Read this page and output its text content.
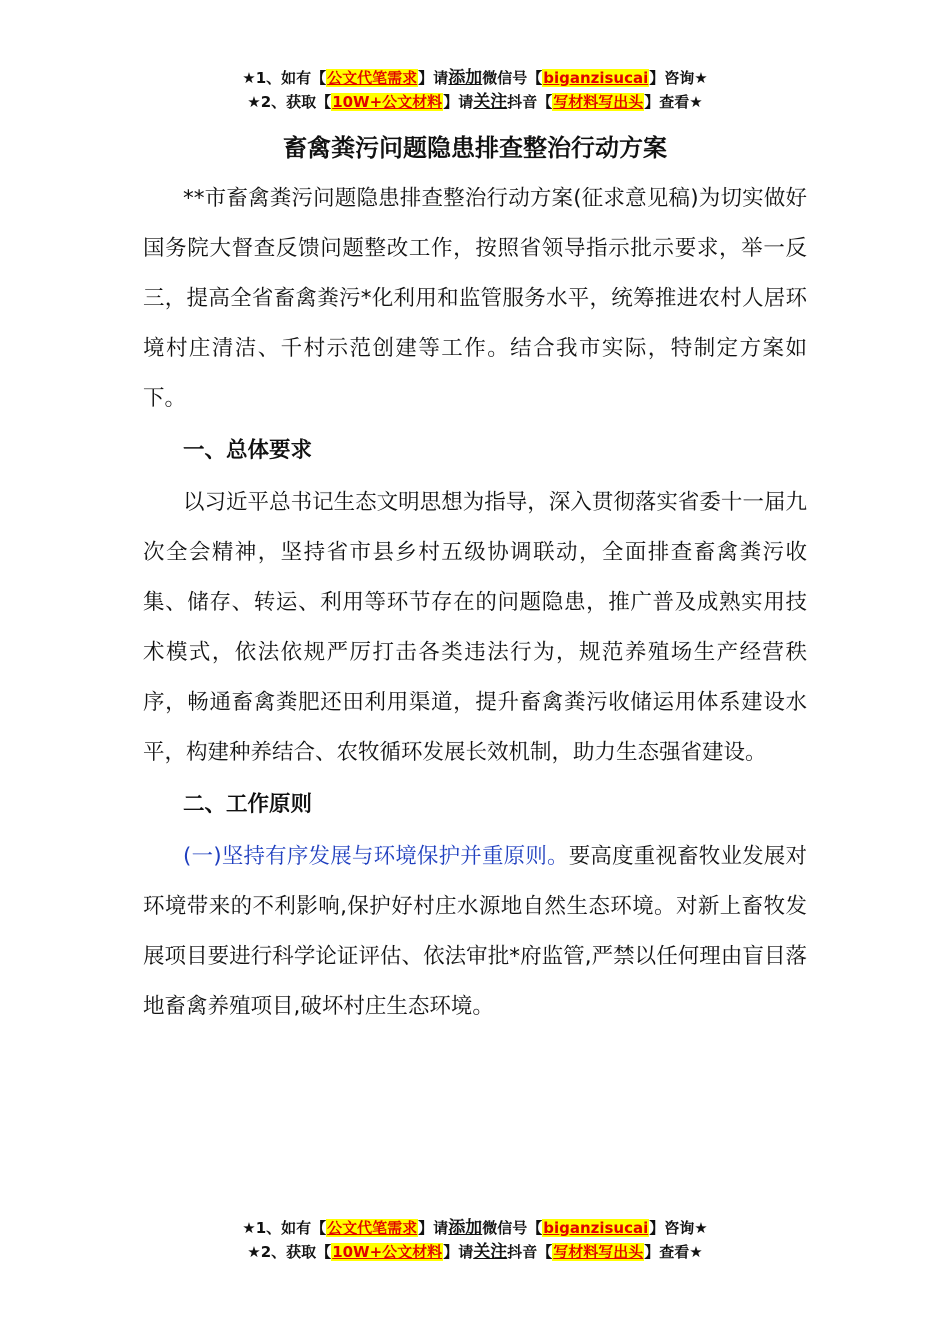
★1、如有【公文代笔需求】请添加微信号【biganzisucai】咨询★
★2、获取【10W+公文材料】请关注抖音【写材料写出头】查看★
畜禽粪污问题隐患排查整治行动方案

**市畜禽粪污问题隐患排查整治行动方案(征求意见稿)为切实做好国务院大督查反馈问题整改工作，按照省领导指示批示要求，举一反三，提高全省畜禽粪污*化利用和监管服务水平，统筹推进农村人居环境村庄清洁、千村示范创建等工作。结合我市实际，特制定方案如下。

一、总体要求

以习近平总书记生态文明思想为指导，深入贯彻落实省委十一届九次全会精神，坚持省市县乡村五级协调联动，全面排查畜禽粪污收集、储存、转运、利用等环节存在的问题隐患，推广普及成熟实用技术模式，依法依规严厉打击各类违法行为，规范养殖场生产经营秩序，畅通畜禽粪肥还田利用渠道，提升畜禽粪污收储运用体系建设水平，构建种养结合、农牧循环发展长效机制，助力生态强省建设。

二、工作原则

(一)坚持有序发展与环境保护并重原则。要高度重视畜牧业发展对环境带来的不利影响,保护好村庄水源地自然生态环境。对新上畜牧发展项目要进行科学论证评估、依法审批*府监管,严禁以任何理由盲目落地畜禽养殖项目,破坏村庄生态环境。

★1、如有【公文代笔需求】请添加微信号【biganzisucai】咨询★
★2、获取【10W+公文材料】请关注抖音【写材料写出头】查看★
